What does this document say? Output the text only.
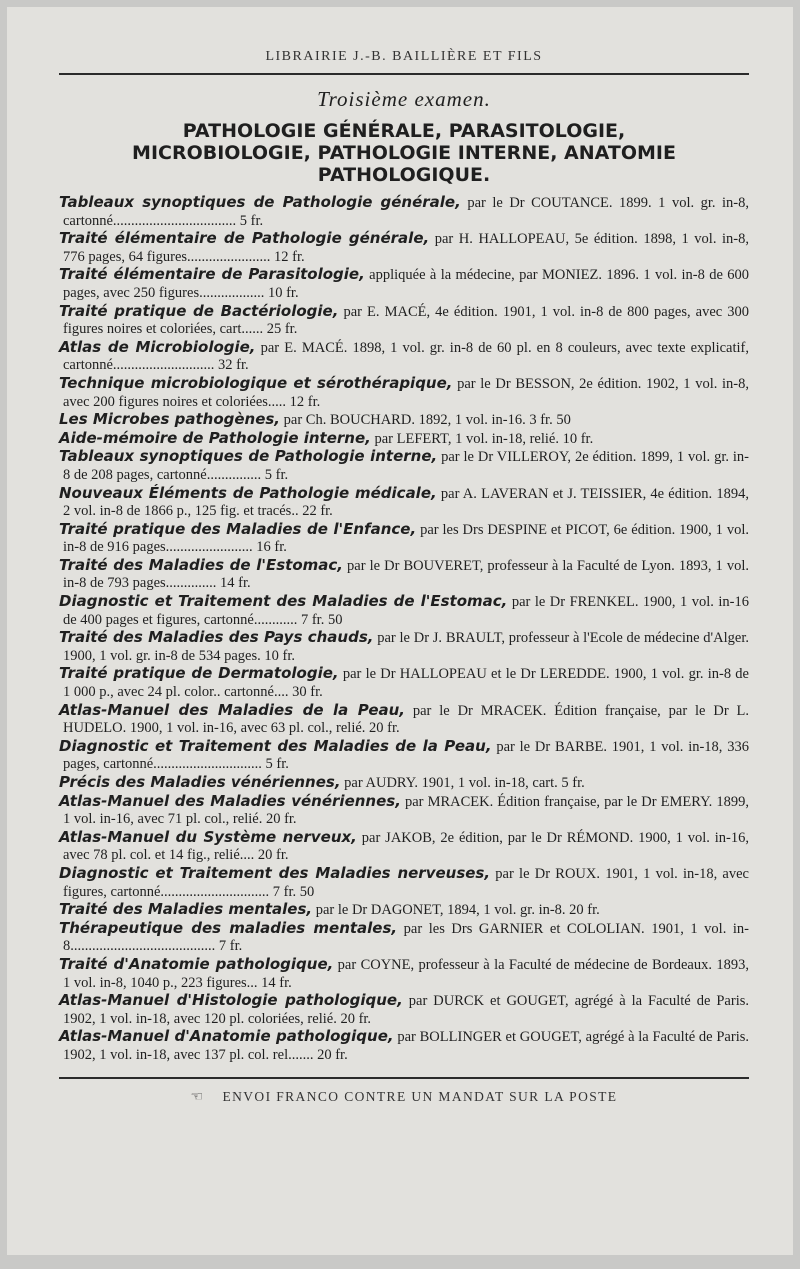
LIBRAIRIE J.-B. BAILLIÈRE ET FILS
Troisième examen.
PATHOLOGIE GÉNÉRALE, PARASITOLOGIE,
MICROBIOLOGIE, PATHOLOGIE INTERNE, ANATOMIE
PATHOLOGIQUE.

Tableaux synoptiques de Pathologie générale, par le Dr COUTANCE. 1899. 1 vol. gr. in-8, cartonné.................................. 5 fr.

Traité élémentaire de Pathologie générale, par H. HALLOPEAU, 5e édition. 1898, 1 vol. in-8, 776 pages, 64 figures....................... 12 fr.

Traité élémentaire de Parasitologie, appliquée à la médecine, par MONIEZ. 1896. 1 vol. in-8 de 600 pages, avec 250 figures.................. 10 fr.

Traité pratique de Bactériologie, par E. MACÉ, 4e édition. 1901, 1 vol. in-8 de 800 pages, avec 300 figures noires et coloriées, cart...... 25 fr.

Atlas de Microbiologie, par E. MACÉ. 1898, 1 vol. gr. in-8 de 60 pl. en 8 couleurs, avec texte explicatif, cartonné............................ 32 fr.

Technique microbiologique et sérothérapique, par le Dr BESSON, 2e édition. 1902, 1 vol. in-8, avec 200 figures noires et coloriées..... 12 fr.

Les Microbes pathogènes, par Ch. BOUCHARD. 1892, 1 vol. in-16. 3 fr. 50

Aide-mémoire de Pathologie interne, par LEFERT, 1 vol. in-18, relié. 10 fr.

Tableaux synoptiques de Pathologie interne, par le Dr VILLEROY, 2e édition. 1899, 1 vol. gr. in-8 de 208 pages, cartonné............... 5 fr.

Nouveaux Éléments de Pathologie médicale, par A. LAVERAN et J. TEISSIER, 4e édition. 1894, 2 vol. in-8 de 1866 p., 125 fig. et tracés.. 22 fr.

Traité pratique des Maladies de l'Enfance, par les Drs DESPINE et PICOT, 6e édition. 1900, 1 vol. in-8 de 916 pages........................ 16 fr.

Traité des Maladies de l'Estomac, par le Dr BOUVERET, professeur à la Faculté de Lyon. 1893, 1 vol. in-8 de 793 pages.............. 14 fr.

Diagnostic et Traitement des Maladies de l'Estomac, par le Dr FRENKEL. 1900, 1 vol. in-16 de 400 pages et figures, cartonné............ 7 fr. 50

Traité des Maladies des Pays chauds, par le Dr J. BRAULT, professeur à l'Ecole de médecine d'Alger. 1900, 1 vol. gr. in-8 de 534 pages. 10 fr.

Traité pratique de Dermatologie, par le Dr HALLOPEAU et le Dr LEREDDE. 1900, 1 vol. gr. in-8 de 1 000 p., avec 24 pl. color.. cartonné.... 30 fr.

Atlas-Manuel des Maladies de la Peau, par le Dr MRACEK. Édition française, par le Dr L. HUDELO. 1900, 1 vol. in-16, avec 63 pl. col., relié. 20 fr.

Diagnostic et Traitement des Maladies de la Peau, par le Dr BARBE. 1901, 1 vol. in-18, 336 pages, cartonné.............................. 5 fr.

Précis des Maladies vénériennes, par AUDRY. 1901, 1 vol. in-18, cart. 5 fr.

Atlas-Manuel des Maladies vénériennes, par MRACEK. Édition française, par le Dr EMERY. 1899, 1 vol. in-16, avec 71 pl. col., relié. 20 fr.

Atlas-Manuel du Système nerveux, par JAKOB, 2e édition, par le Dr RÉMOND. 1900, 1 vol. in-16, avec 78 pl. col. et 14 fig., relié.... 20 fr.

Diagnostic et Traitement des Maladies nerveuses, par le Dr ROUX. 1901, 1 vol. in-18, avec figures, cartonné.............................. 7 fr. 50

Traité des Maladies mentales, par le Dr DAGONET, 1894, 1 vol. gr. in-8. 20 fr.

Thérapeutique des maladies mentales, par les Drs GARNIER et COLOLIAN. 1901, 1 vol. in-8........................................ 7 fr.

Traité d'Anatomie pathologique, par COYNE, professeur à la Faculté de médecine de Bordeaux. 1893, 1 vol. in-8, 1040 p., 223 figures... 14 fr.

Atlas-Manuel d'Histologie pathologique, par DURCK et GOUGET, agrégé à la Faculté de Paris. 1902, 1 vol. in-18, avec 120 pl. coloriées, relié. 20 fr.

Atlas-Manuel d'Anatomie pathologique, par BOLLINGER et GOUGET, agrégé à la Faculté de Paris. 1902, 1 vol. in-18, avec 137 pl. col. rel....... 20 fr.

☜ ENVOI FRANCO CONTRE UN MANDAT SUR LA POSTE
